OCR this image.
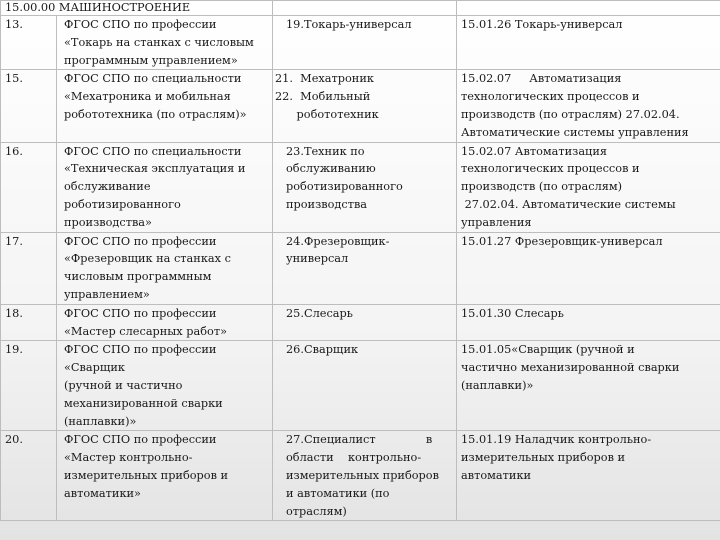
15.00.00 МАШИНОСТРОЕНИЕ			
13.	ФГОС СПО по профессии
«Токарь на станках с числовым
программным управлением»	19.Токарь-универсал	15.01.26 Токарь-универсал

15.	ФГОС СПО по специальности
«Мехатроника и мобильная
робототехника (по отраслям)»	21.  Мехатроник
22.  Мобильный
робототехник	15.02.07     Автоматизация
технологических процессов и
производств (по отраслям) 27.02.04.
Автоматические системы управления

16.	ФГОС СПО по специальности
«Техническая эксплуатация и
обслуживание
роботизированного
производства»	23.Техник по
обслуживанию
роботизированного
производства	15.02.07 Автоматизация
технологических процессов и
производств (по отраслям)
27.02.04. Автоматические системы
управления

17.	ФГОС СПО по профессии
«Фрезеровщик на станках с
числовым программным
управлением»	24.Фрезеровщик-
универсал	15.01.27 Фрезеровщик-универсал

18.	ФГОС СПО по профессии
«Мастер слесарных работ»	25.Слесарь	15.01.30 Слесарь

19.	ФГОС СПО по профессии
«Сварщик
(ручной и частично
механизированной сварки
(наплавки)»	26.Сварщик	15.01.05«Сварщик (ручной и
частично механизированной сварки
(наплавки)»

20.	ФГОС СПО по профессии
«Мастер контрольно-
измерительных приборов и
автоматики»	27.Специалист              в
области    контрольно-
измерительных приборов
и автоматики (по
отраслям)	15.01.19 Наладчик контрольно-
измерительных приборов и
автоматики
